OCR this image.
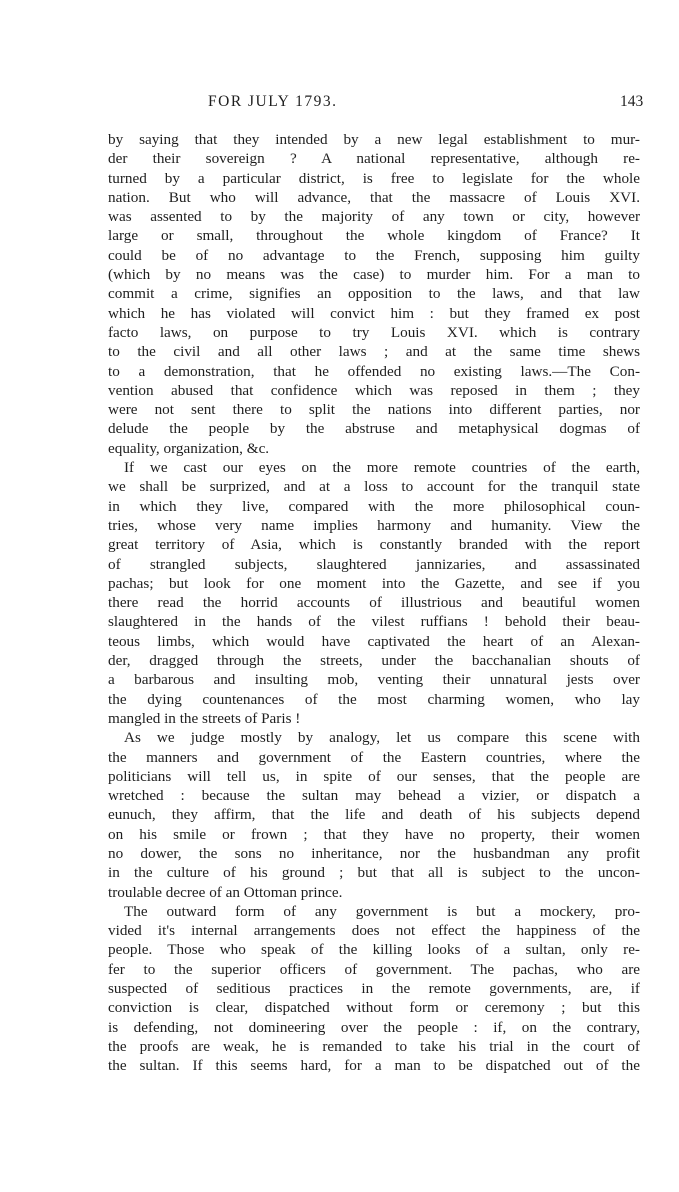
FOR JULY 1793.	143
by saying that they intended by a new legal establishment to mur-
der their sovereign ? A national representative, although re-
turned by a particular district, is free to legislate for the whole
nation. But who will advance, that the massacre of Louis XVI.
was assented to by the majority of any town or city, however
large or small, throughout the whole kingdom of France? It
could be of no advantage to the French, supposing him guilty
(which by no means was the case) to murder him. For a man to
commit a crime, signifies an opposition to the laws, and that law
which he has violated will convict him : but they framed ex post
facto laws, on purpose to try Louis XVI. which is contrary
to the civil and all other laws ; and at the same time shews
to a demonstration, that he offended no existing laws.—The Con-
vention abused that confidence which was reposed in them ; they
were not sent there to split the nations into different parties, nor
delude the people by the abstruse and metaphysical dogmas of
equality, organization, &c.
If we cast our eyes on the more remote countries of the earth,
we shall be surprized, and at a loss to account for the tranquil state
in which they live, compared with the more philosophical coun-
tries, whose very name implies harmony and humanity. View the
great territory of Asia, which is constantly branded with the report
of strangled subjects, slaughtered jannizaries, and assassinated
pachas; but look for one moment into the Gazette, and see if you
there read the horrid accounts of illustrious and beautiful women
slaughtered in the hands of the vilest ruffians ! behold their beau-
teous limbs, which would have captivated the heart of an Alexan-
der, dragged through the streets, under the bacchanalian shouts of
a barbarous and insulting mob, venting their unnatural jests over
the dying countenances of the most charming women, who lay
mangled in the streets of Paris !
As we judge mostly by analogy, let us compare this scene with
the manners and government of the Eastern countries, where the
politicians will tell us, in spite of our senses, that the people are
wretched : because the sultan may behead a vizier, or dispatch a
eunuch, they affirm, that the life and death of his subjects depend
on his smile or frown ; that they have no property, their women
no dower, the sons no inheritance, nor the husbandman any profit
in the culture of his ground ; but that all is subject to the uncon-
troulable decree of an Ottoman prince.
The outward form of any government is but a mockery, pro-
vided it's internal arrangements does not effect the happiness of the
people. Those who speak of the killing looks of a sultan, only re-
fer to the superior officers of government. The pachas, who are
suspected of seditious practices in the remote governments, are, if
conviction is clear, dispatched without form or ceremony ; but this
is defending, not domineering over the people : if, on the contrary,
the proofs are weak, he is remanded to take his trial in the court of
the sultan. If this seems hard, for a man to be dispatched out of the
